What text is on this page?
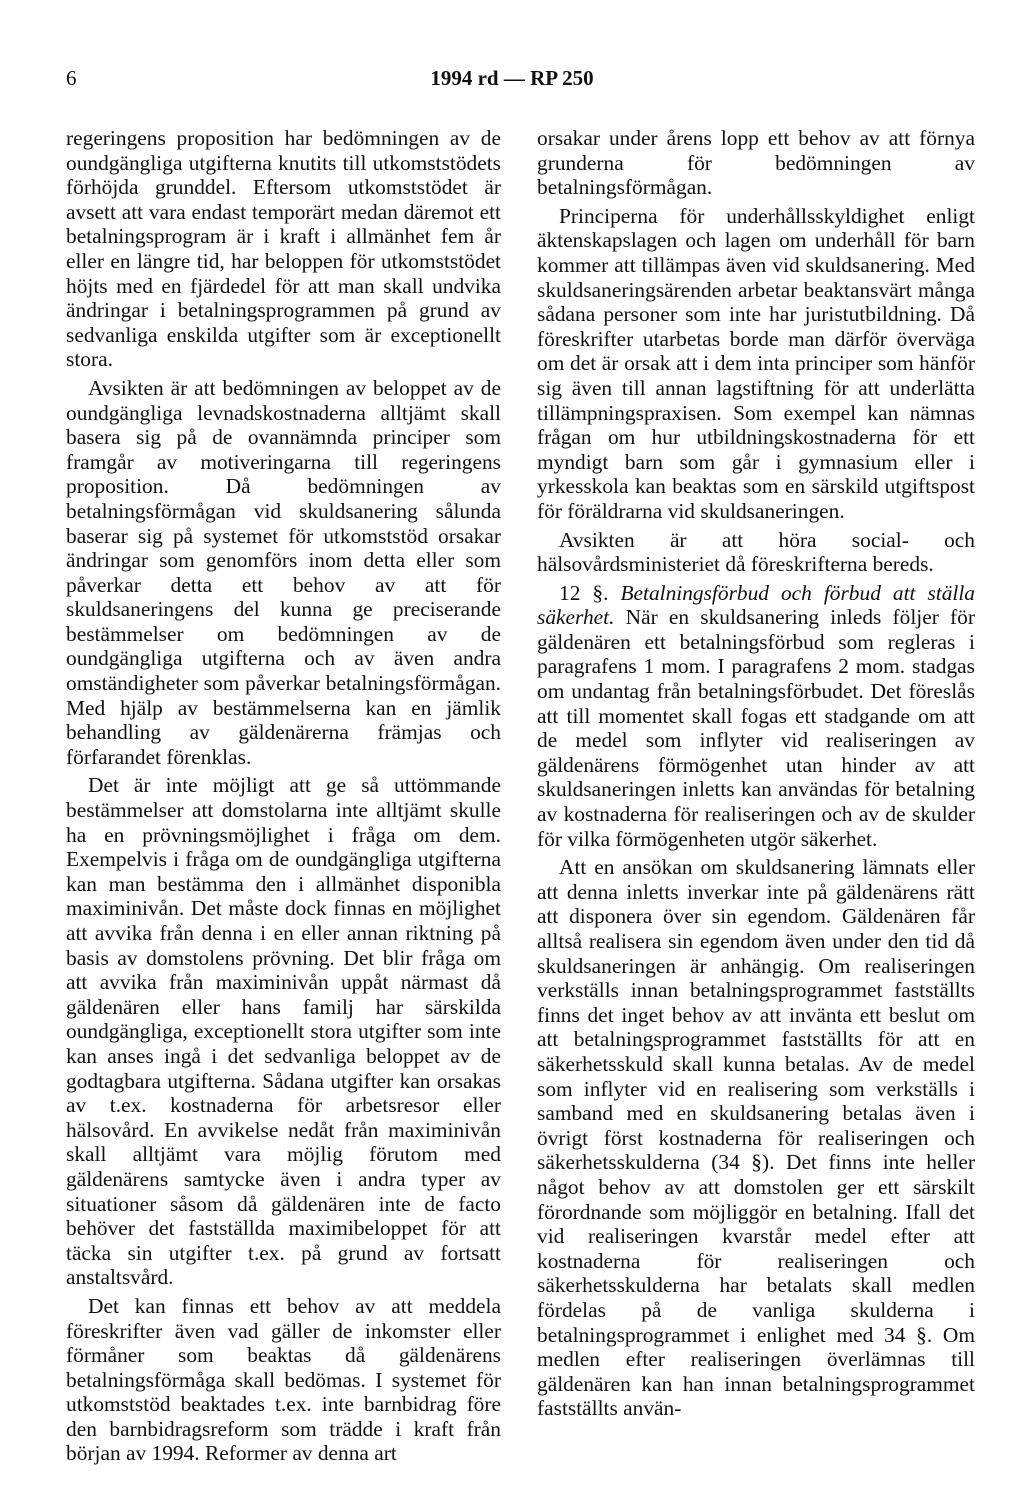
6	1994 rd — RP 250

regeringens proposition har bedömningen av de oundgängliga utgifterna knutits till utkomststödets förhöjda grunddel. Eftersom utkomststödet är avsett att vara endast temporärt medan däremot ett betalningsprogram är i kraft i allmänhet fem år eller en längre tid, har beloppen för utkomststödet höjts med en fjärdedel för att man skall undvika ändringar i betalningsprogrammen på grund av sedvanliga enskilda utgifter som är exceptionellt stora.

Avsikten är att bedömningen av beloppet av de oundgängliga levnadskostnaderna alltjämt skall basera sig på de ovannämnda principer som framgår av motiveringarna till regeringens proposition. Då bedömningen av betalningsförmågan vid skuldsanering sålunda baserar sig på systemet för utkomststöd orsakar ändringar som genomförs inom detta eller som påverkar detta ett behov av att för skuldsaneringens del kunna ge preciserande bestämmelser om bedömningen av de oundgängliga utgifterna och av även andra omständigheter som påverkar betalningsförmågan. Med hjälp av bestämmelserna kan en jämlik behandling av gäldenärerna främjas och förfarandet förenklas.

Det är inte möjligt att ge så uttömmande bestämmelser att domstolarna inte alltjämt skulle ha en prövningsmöjlighet i fråga om dem. Exempelvis i fråga om de oundgängliga utgifterna kan man bestämma den i allmänhet disponibla maximinivån. Det måste dock finnas en möjlighet att avvika från denna i en eller annan riktning på basis av domstolens prövning. Det blir fråga om att avvika från maximinivån uppåt närmast då gäldenären eller hans familj har särskilda oundgängliga, exceptionellt stora utgifter som inte kan anses ingå i det sedvanliga beloppet av de godtagbara utgifterna. Sådana utgifter kan orsakas av t.ex. kostnaderna för arbetsresor eller hälsovård. En avvikelse nedåt från maximinivån skall alltjämt vara möjlig förutom med gäldenärens samtycke även i andra typer av situationer såsom då gäldenären inte de facto behöver det fastställda maximibeloppet för att täcka sin utgifter t.ex. på grund av fortsatt anstaltsvård.

Det kan finnas ett behov av att meddela föreskrifter även vad gäller de inkomster eller förmåner som beaktas då gäldenärens betalningsförmåga skall bedömas. I systemet för utkomststöd beaktades t.ex. inte barnbidrag före den barnbidragsreform som trädde i kraft från början av 1994. Reformer av denna art

orsakar under årens lopp ett behov av att förnya grunderna för bedömningen av betalningsförmågan.

Principerna för underhållsskyldighet enligt äktenskapslagen och lagen om underhåll för barn kommer att tillämpas även vid skuldsanering. Med skuldsaneringsärenden arbetar beaktansvärt många sådana personer som inte har juristutbildning. Då föreskrifter utarbetas borde man därför överväga om det är orsak att i dem inta principer som hänför sig även till annan lagstiftning för att underlätta tillämpningspraxisen. Som exempel kan nämnas frågan om hur utbildningskostnaderna för ett myndigt barn som går i gymnasium eller i yrkesskola kan beaktas som en särskild utgiftspost för föräldrarna vid skuldsaneringen.

Avsikten är att höra social- och hälsovårdsministeriet då föreskrifterna bereds.

12 §. Betalningsförbud och förbud att ställa säkerhet. När en skuldsanering inleds följer för gäldenären ett betalningsförbud som regleras i paragrafens 1 mom. I paragrafens 2 mom. stadgas om undantag från betalningsförbudet. Det föreslås att till momentet skall fogas ett stadgande om att de medel som inflyter vid realiseringen av gäldenärens förmögenhet utan hinder av att skuldsaneringen inletts kan användas för betalning av kostnaderna för realiseringen och av de skulder för vilka förmögenheten utgör säkerhet.

Att en ansökan om skuldsanering lämnats eller att denna inletts inverkar inte på gäldenärens rätt att disponera över sin egendom. Gäldenären får alltså realisera sin egendom även under den tid då skuldsaneringen är anhängig. Om realiseringen verkställs innan betalningsprogrammet fastställts finns det inget behov av att invänta ett beslut om att betalningsprogrammet fastställts för att en säkerhetsskuld skall kunna betalas. Av de medel som inflyter vid en realisering som verkställs i samband med en skuldsanering betalas även i övrigt först kostnaderna för realiseringen och säkerhetsskulderna (34 §). Det finns inte heller något behov av att domstolen ger ett särskilt förordnande som möjliggör en betalning. Ifall det vid realiseringen kvarstår medel efter att kostnaderna för realiseringen och säkerhetsskulderna har betalats skall medlen fördelas på de vanliga skulderna i betalningsprogrammet i enlighet med 34 §. Om medlen efter realiseringen överlämnas till gäldenären kan han innan betalningsprogrammet fastställts använ-
